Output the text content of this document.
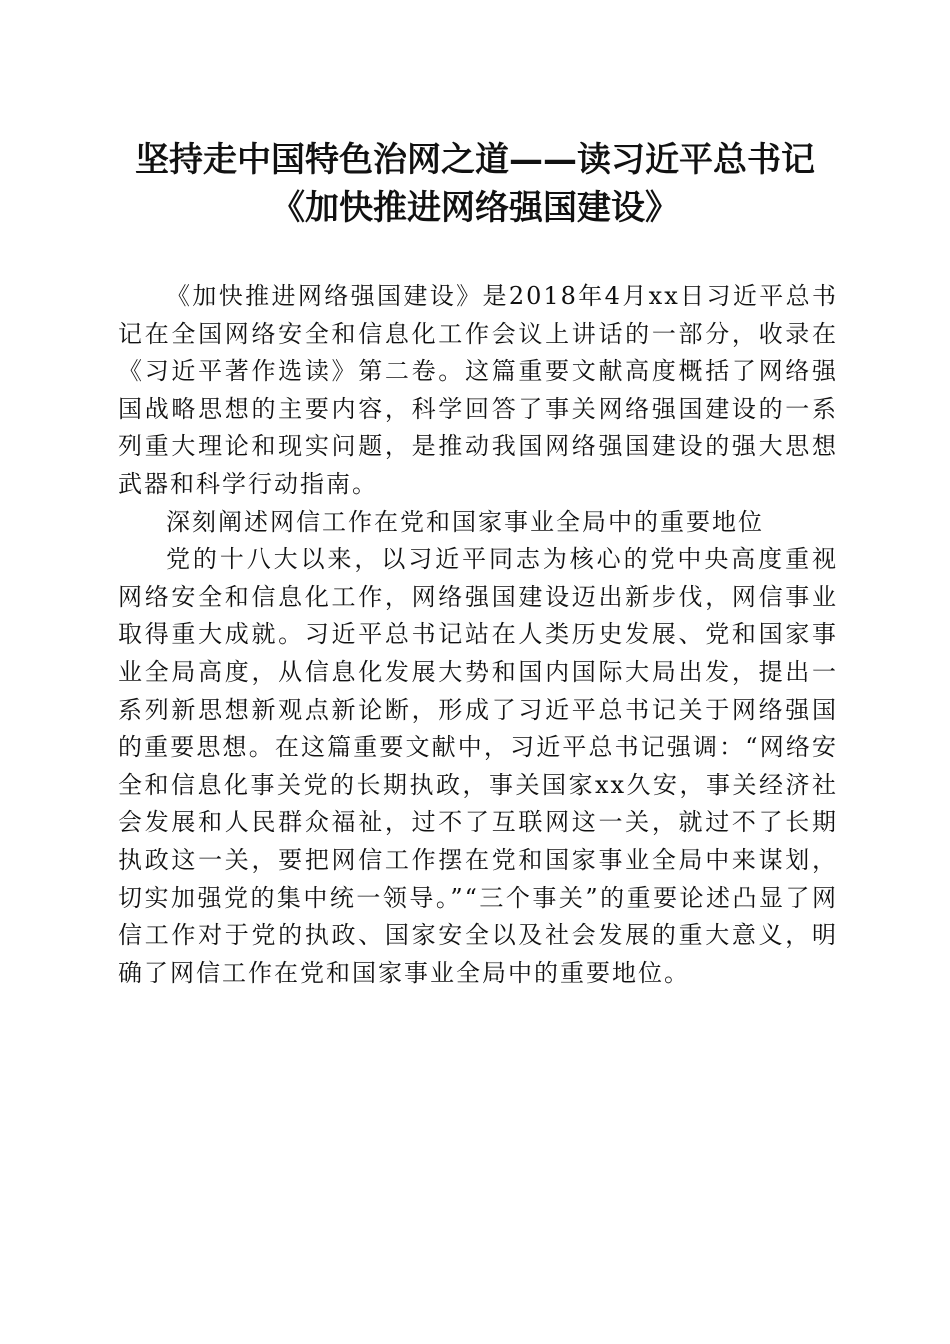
坚持走中国特色治网之道——读习近平总书记
《加快推进网络强国建设》

《加快推进网络强国建设》是2018年4月xx日习近平总书记在全国网络安全和信息化工作会议上讲话的一部分，收录在《习近平著作选读》第二卷。这篇重要文献高度概括了网络强国战略思想的主要内容，科学回答了事关网络强国建设的一系列重大理论和现实问题，是推动我国网络强国建设的强大思想武器和科学行动指南。

深刻阐述网信工作在党和国家事业全局中的重要地位

党的十八大以来，以习近平同志为核心的党中央高度重视网络安全和信息化工作，网络强国建设迈出新步伐，网信事业取得重大成就。习近平总书记站在人类历史发展、党和国家事业全局高度，从信息化发展大势和国内国际大局出发，提出一系列新思想新观点新论断，形成了习近平总书记关于网络强国的重要思想。在这篇重要文献中，习近平总书记强调：“网络安全和信息化事关党的长期执政，事关国家xx久安，事关经济社会发展和人民群众福祉，过不了互联网这一关，就过不了长期执政这一关，要把网信工作摆在党和国家事业全局中来谋划，切实加强党的集中统一领导。”“三个事关”的重要论述凸显了网信工作对于党的执政、国家安全以及社会发展的重大意义，明确了网信工作在党和国家事业全局中的重要地位。
